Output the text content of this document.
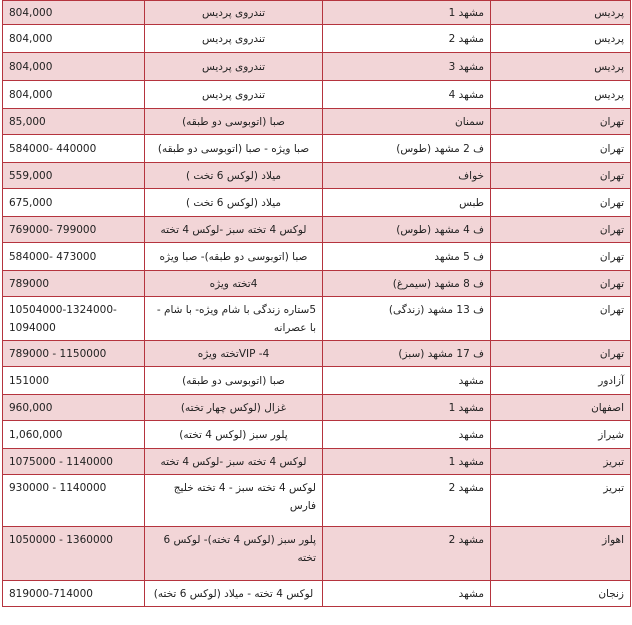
804,000	تندروی پردیس	مشهد 1	پردیس
804,000	تندروی پردیس	مشهد 2	پردیس
804,000	تندروی پردیس	مشهد 3	پردیس
804,000	تندروی پردیس	مشهد 4	پردیس
85,000	صبا (اتوبوسی دو طبقه)	سمنان	تهران
584000- 440000	صبا ویژه - صبا (اتوبوسی دو طبقه)	ف 2 مشهد (طوس)	تهران
559,000	میلاد (لوکس 6 تخت )	خواف	تهران
675,000	میلاد (لوکس 6 تخت )	طبس	تهران
769000- 799000	لوکس 4 تخته سبز -لوکس 4 تخته	ف 4 مشهد (طوس)	تهران
584000- 473000	صبا (اتوبوسی دو طبقه)- صبا ویژه	ف 5 مشهد	تهران
789000	4تخته ویژه	ف 8 مشهد (سیمرغ)	تهران
10504000-1324000-1094000	5ستاره زندگی با شام ویژه- با شام - با عصرانه	ف 13 مشهد (زندگی)	تهران
789000 - 1150000	VIP -4تخته ویژه	ف 17 مشهد (سبز)	تهران
151000	صبا (اتوبوسی دو طبقه)	مشهد	آزادور
960,000	غزال (لوکس چهار تخته)	مشهد 1	اصفهان
1,060,000	پلور سبز (لوکس 4 تخته)	مشهد	شیراز
1075000 - 1140000	لوکس 4 تخته سبز -لوکس 4 تخته	مشهد 1	تبریز
930000 - 1140000	لوکس 4 تخته سبز - 4 تخته خلیج فارس	مشهد 2	تبریز
1050000 - 1360000	پلور سبز (لوکس 4 تخته)- لوکس 6 تخته	مشهد 2	اهواز
819000-714000	لوکس 4 تخته - میلاد (لوکس 6 تخته)	مشهد	زنجان
